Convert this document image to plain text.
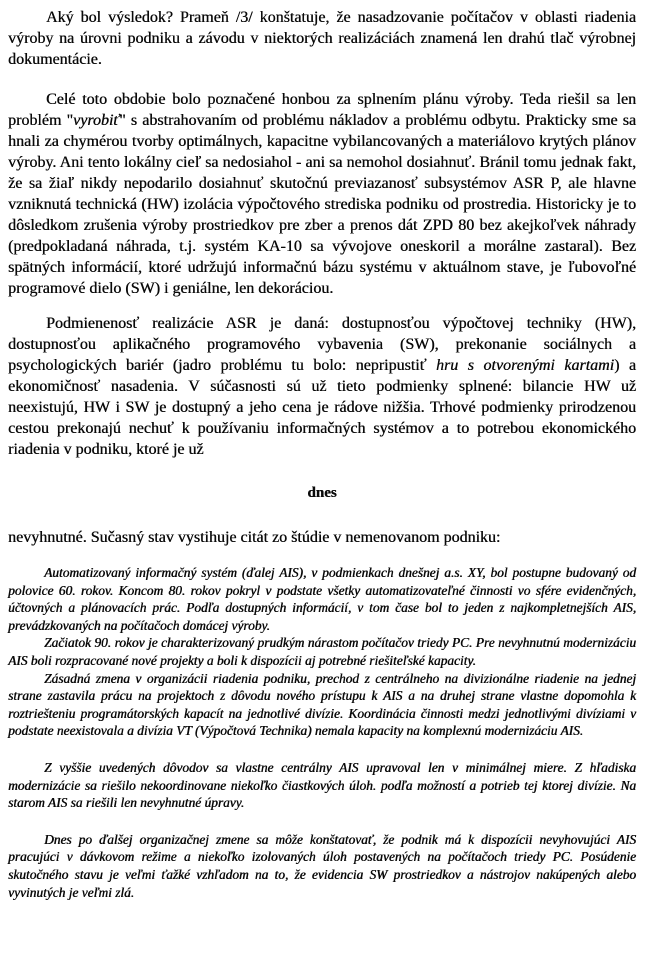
Aký bol výsledok? Prameň /3/ konštatuje, že nasadzovanie počítačov v oblasti riadenia výroby na úrovni podniku a závodu v niektorých realizáciách znamená len drahú tlač výrobnej dokumentácie.

Celé toto obdobie bolo poznačené honbou za splnením plánu výroby. Teda riešil sa len problém "vyrobiť" s abstrahovaním od problému nákladov a problému odbytu. Prakticky sme sa hnali za chymérou tvorby optimálnych, kapacitne vybilancovaných a materiálovo krytých plánov výroby. Ani tento lokálny cieľ sa nedosiahol - ani sa nemohol dosiahnuť. Bránil tomu jednak fakt, že sa žiaľ nikdy nepodarilo dosiahnuť skutočnú previazanosť subsystémov ASR P, ale hlavne vzniknutá technická (HW) izolácia výpočtového strediska podniku od prostredia. Historicky je to dôsledkom zrušenia výroby prostriedkov pre zber a prenos dát ZPD 80 bez akejkoľvek náhrady (predpokladaná náhrada, t.j. systém KA-10 sa vývojove oneskoril a morálne zastaral). Bez spätných informácií, ktoré udržujú informačnú bázu systému v aktuálnom stave, je ľubovoľné programové dielo (SW) i geniálne, len dekoráciou.

Podmienenosť realizácie ASR je daná: dostupnosťou výpočtovej techniky (HW), dostupnosťou aplikačného programového vybavenia (SW), prekonanie sociálnych a psychologických bariér (jadro problému tu bolo: nepripustiť hru s otvorenými kartami) a ekonomičnosť nasadenia. V súčasnosti sú už tieto podmienky splnené: bilancie HW už neexistujú, HW i SW je dostupný a jeho cena je rádove nižšia. Trhové podmienky prirodzenou cestou prekonajú nechuť k používaniu informačných systémov a to potrebou ekonomického riadenia v podniku, ktoré je už

dnes

nevyhnutné. Sučasný stav vystihuje citát zo štúdie v nemenovanom podniku:

Automatizovaný informačný systém (ďalej AIS), v podmienkach dnešnej a.s. XY, bol postupne budovaný od polovice 60. rokov. Koncom 80. rokov pokryl v podstate všetky automatizovateľné činnosti vo sfére evidenčných, účtovných a plánovacích prác. Podľa dostupných informácií, v tom čase bol to jeden z najkompletnejších AIS, prevádzkovaných na počítačoch domácej výroby.

Začiatok 90. rokov je charakterizovaný prudkým nárastom počítačov triedy PC. Pre nevyhnutnú modernizáciu AIS boli rozpracované nové projekty a boli k dispozícii aj potrebné riešiteľské kapacity.

Zásadná zmena v organizácii riadenia podniku, prechod z centrálneho na divizionálne riadenie na jednej strane zastavila prácu na projektoch z dôvodu nového prístupu k AIS a na druhej strane vlastne dopomohla k roztriešteniu programátorských kapacít na jednotlivé divízie. Koordinácia činnosti medzi jednotlivými divíziami v podstate neexistovala a divízia VT (Výpočtová Technika) nemala kapacity na komplexnú modernizáciu AIS.

Z vyššie uvedených dôvodov sa vlastne centrálny AIS upravoval len v minimálnej miere. Z hľadiska modernizácie sa riešilo nekoordinovane niekoľko čiastkových úloh. podľa možností a potrieb tej ktorej divízie. Na starom AIS sa riešili len nevyhnutné úpravy.

Dnes po ďalšej organizačnej zmene sa môže konštatovať, že podnik má k dispozícii nevyhovujúci AIS pracujúci v dávkovom režime a niekoľko izolovaných úloh postavených na počítačoch triedy PC. Posúdenie skutočného stavu je veľmi ťažké vzhľadom na to, že evidencia SW prostriedkov a nástrojov nakúpených alebo vyvinutých je veľmi zlá.
